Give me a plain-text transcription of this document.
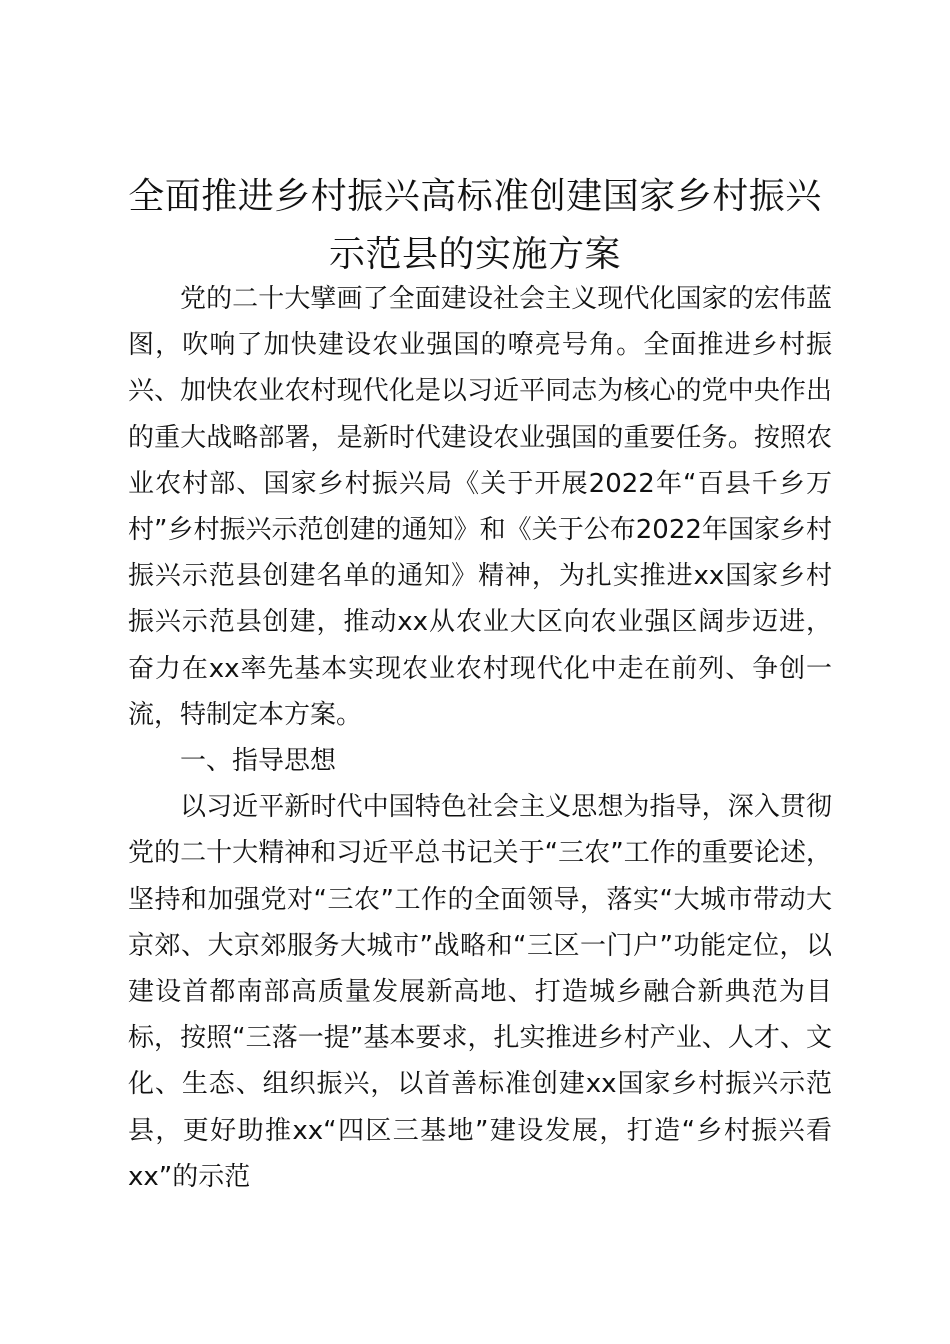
全面推进乡村振兴高标准创建国家乡村振兴示范县的实施方案

党的二十大擘画了全面建设社会主义现代化国家的宏伟蓝图，吹响了加快建设农业强国的嘹亮号角。全面推进乡村振兴、加快农业农村现代化是以习近平同志为核心的党中央作出的重大战略部署，是新时代建设农业强国的重要任务。按照农业农村部、国家乡村振兴局《关于开展2022年“百县千乡万村”乡村振兴示范创建的通知》和《关于公布2022年国家乡村振兴示范县创建名单的通知》精神，为扎实推进xx国家乡村振兴示范县创建，推动xx从农业大区向农业强区阔步迈进，奋力在xx率先基本实现农业农村现代化中走在前列、争创一流，特制定本方案。

一、指导思想

以习近平新时代中国特色社会主义思想为指导，深入贯彻党的二十大精神和习近平总书记关于“三农”工作的重要论述，坚持和加强党对“三农”工作的全面领导，落实“大城市带动大京郊、大京郊服务大城市”战略和“三区一门户”功能定位，以建设首都南部高质量发展新高地、打造城乡融合新典范为目标，按照“三落一提”基本要求，扎实推进乡村产业、人才、文化、生态、组织振兴，以首善标准创建xx国家乡村振兴示范县，更好助推xx“四区三基地”建设发展，打造“乡村振兴看xx”的示范
